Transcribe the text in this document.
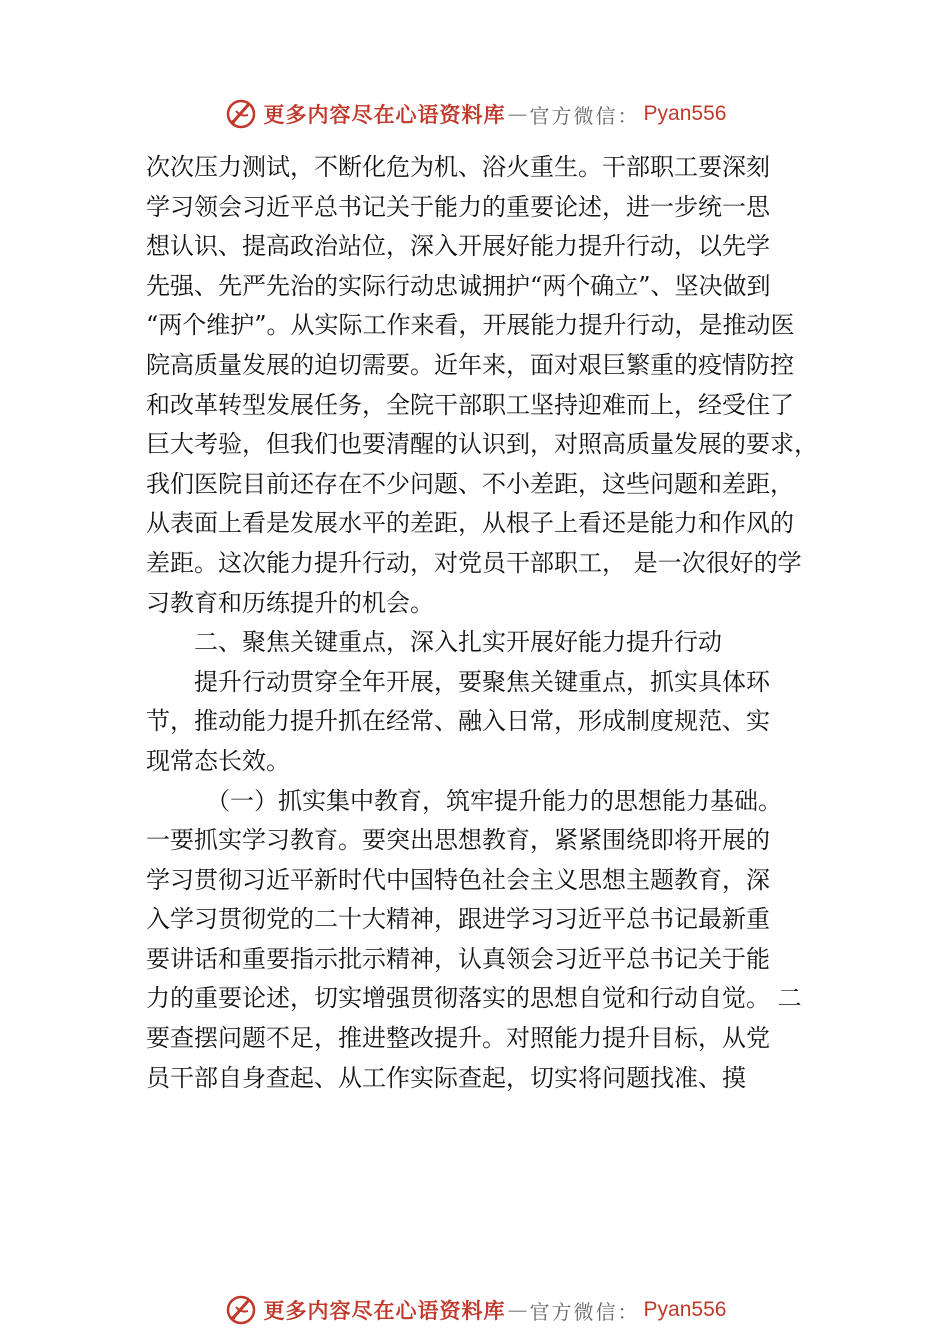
更多内容尽在心语资料库 — 官方微信： Pyan556
次次压力测试，不断化危为机、浴火重生。干部职工要深刻
学习领会习近平总书记关于能力的重要论述，进一步统一思
想认识、提高政治站位，深入开展好能力提升行动，以先学
先强、先严先治的实际行动忠诚拥护“两个确立”、坚决做到
“两个维护”。从实际工作来看，开展能力提升行动，是推动医
院高质量发展的迫切需要。近年来，面对艰巨繁重的疫情防控
和改革转型发展任务，全院干部职工坚持迎难而上，经受住了
巨大考验，但我们也要清醒的认识到，对照高质量发展的要求，
我们医院目前还存在不少问题、不小差距，这些问题和差距，
从表面上看是发展水平的差距，从根子上看还是能力和作风的
差距。这次能力提升行动，对党员干部职工， 是一次很好的学
习教育和历练提升的机会。
二、聚焦关键重点，深入扎实开展好能力提升行动
提升行动贯穿全年开展，要聚焦关键重点，抓实具体环
节，推动能力提升抓在经常、融入日常，形成制度规范、实
现常态长效。
（一）抓实集中教育，筑牢提升能力的思想能力基础。
一要抓实学习教育。要突出思想教育，紧紧围绕即将开展的
学习贯彻习近平新时代中国特色社会主义思想主题教育，深
入学习贯彻党的二十大精神，跟进学习习近平总书记最新重
要讲话和重要指示批示精神，认真领会习近平总书记关于能
力的重要论述，切实增强贯彻落实的思想自觉和行动自觉。 二
要查摆问题不足，推进整改提升。对照能力提升目标，从党
员干部自身查起、从工作实际查起，切实将问题找准、摸
更多内容尽在心语资料库 — 官方微信： Pyan556
